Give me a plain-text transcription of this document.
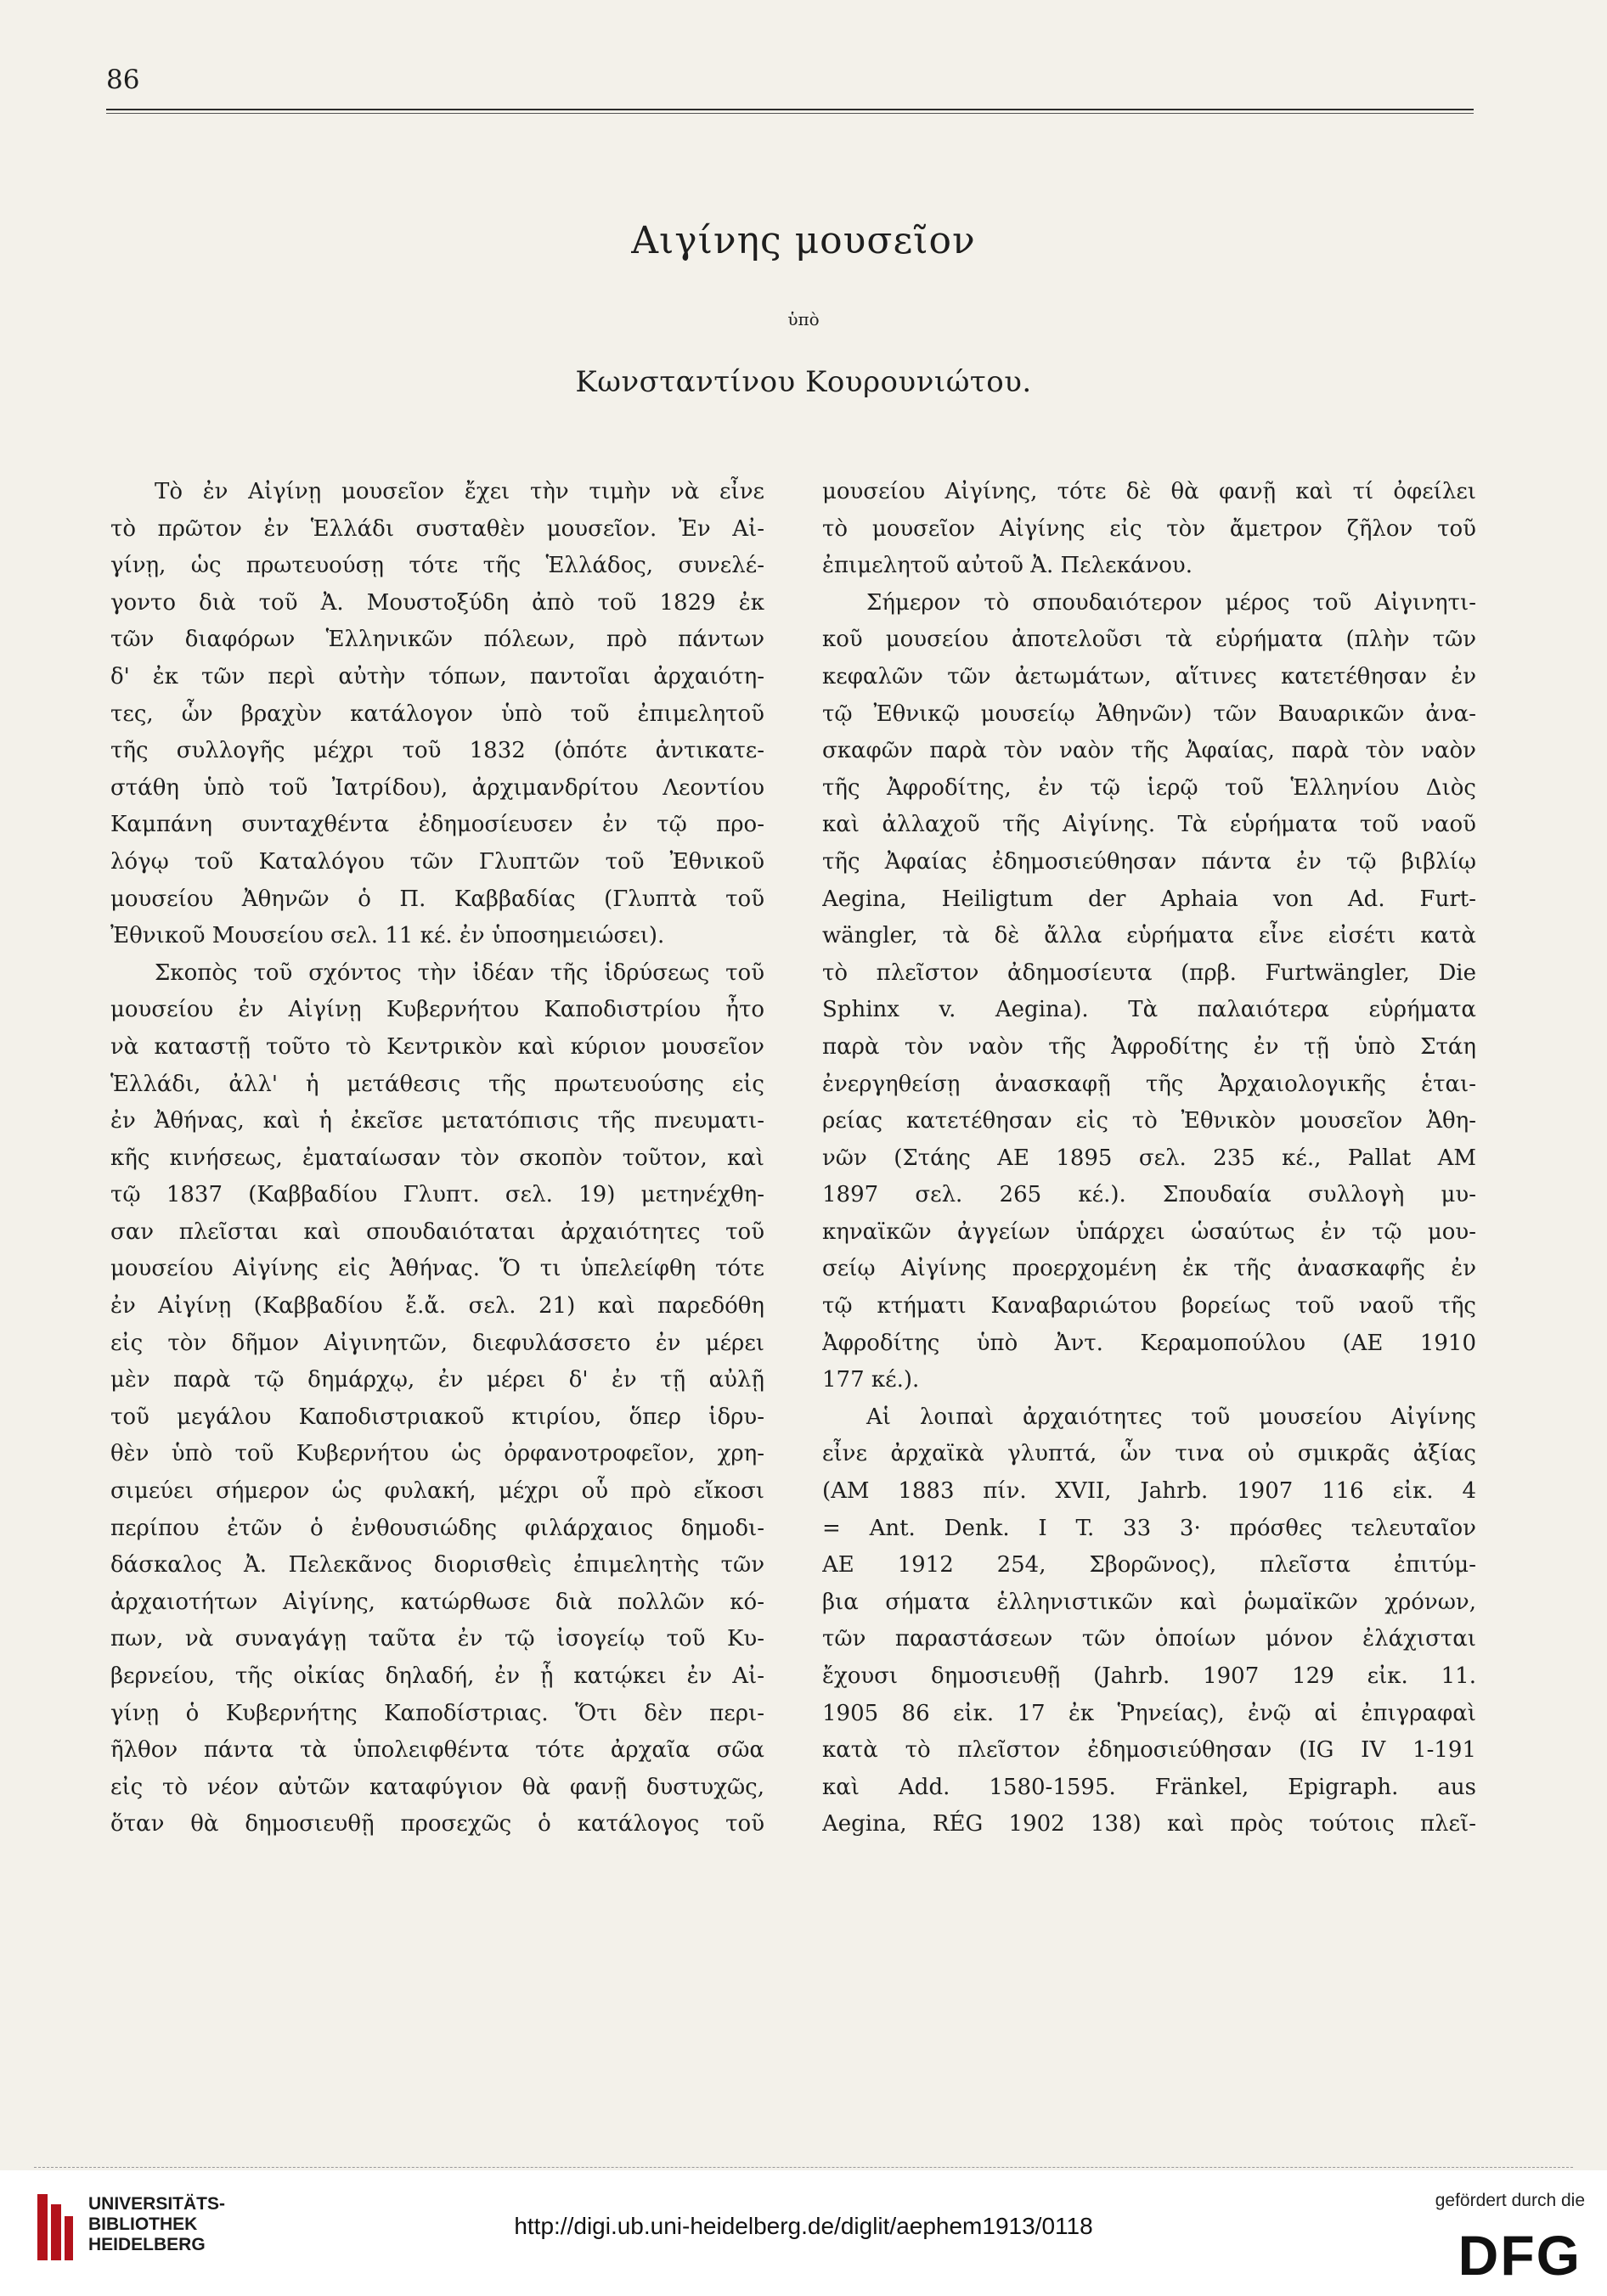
86
Αιγίνης μουσεῖον
ὑπὸ
Κωνσταντίνου Κουρουνιώτου.
Τὸ ἐν Αἰγίνῃ μουσεῖον ἔχει τὴν τιμὴν νὰ εἶνε
τὸ πρῶτον ἐν Ἑλλάδι συσταθὲν μουσεῖον. Ἐν Αἰ-
γίνῃ, ὡς πρωτευούσῃ τότε τῆς Ἑλλάδος, συνελέ-
γοντο διὰ τοῦ Ἀ. Μουστοξύδη ἀπὸ τοῦ 1829 ἐκ
τῶν διαφόρων Ἑλληνικῶν πόλεων, πρὸ πάντων
δ' ἐκ τῶν περὶ αὐτὴν τόπων, παντοῖαι ἀρχαιότη-
τες, ὧν βραχὺν κατάλογον ὑπὸ τοῦ ἐπιμελητοῦ
τῆς συλλογῆς μέχρι τοῦ 1832 (ὁπότε ἀντικατε-
στάθη ὑπὸ τοῦ Ἰατρίδου), ἀρχιμανδρίτου Λεοντίου
Καμπάνη συνταχθέντα ἐδημοσίευσεν ἐν τῷ προ-
λόγῳ τοῦ Καταλόγου τῶν Γλυπτῶν τοῦ Ἐθνικοῦ
μουσείου Ἀθηνῶν ὁ Π. Καββαδίας (Γλυπτὰ τοῦ
Ἐθνικοῦ Μουσείου σελ. 11 κέ. ἐν ὑποσημειώσει).
Σκοπὸς τοῦ σχόντος τὴν ἰδέαν τῆς ἱδρύσεως τοῦ
μουσείου ἐν Αἰγίνῃ Κυβερνήτου Καποδιστρίου ἦτο
νὰ καταστῇ τοῦτο τὸ Κεντρικὸν καὶ κύριον μουσεῖον
Ἑλλάδι, ἀλλ' ἡ μετάθεσις τῆς πρωτευούσης εἰς
ἐν Ἀθήνας, καὶ ἡ ἐκεῖσε μετατόπισις τῆς πνευματι-
κῆς κινήσεως, ἐματαίωσαν τὸν σκοπὸν τοῦτον, καὶ
τῷ 1837 (Καββαδίου Γλυπτ. σελ. 19) μετηνέχθη-
σαν πλεῖσται καὶ σπουδαιόταται ἀρχαιότητες τοῦ
μουσείου Αἰγίνης εἰς Ἀθήνας. Ὅ τι ὑπελείφθη τότε
ἐν Αἰγίνῃ (Καββαδίου ἔ.ἄ. σελ. 21) καὶ παρεδόθη
εἰς τὸν δῆμον Αἰγινητῶν, διεφυλάσσετο ἐν μέρει
μὲν παρὰ τῷ δημάρχῳ, ἐν μέρει δ' ἐν τῇ αὐλῇ
τοῦ μεγάλου Καποδιστριακοῦ κτιρίου, ὅπερ ἱδρυ-
θὲν ὑπὸ τοῦ Κυβερνήτου ὡς ὀρφανοτροφεῖον, χρη-
σιμεύει σήμερον ὡς φυλακή, μέχρι οὗ πρὸ εἴκοσι
περίπου ἐτῶν ὁ ἐνθουσιώδης φιλάρχαιος δημοδι-
δάσκαλος Ἀ. Πελεκᾶνος διορισθεὶς ἐπιμελητὴς τῶν
ἀρχαιοτήτων Αἰγίνης, κατώρθωσε διὰ πολλῶν κό-
πων, νὰ συναγάγῃ ταῦτα ἐν τῷ ἰσογείῳ τοῦ Κυ-
βερνείου, τῆς οἰκίας δηλαδή, ἐν ᾗ κατῴκει ἐν Αἰ-
γίνῃ ὁ Κυβερνήτης Καποδίστριας. Ὅτι δὲν περι-
ῆλθον πάντα τὰ ὑπολειφθέντα τότε ἀρχαῖα σῶα
εἰς τὸ νέον αὐτῶν καταφύγιον θὰ φανῇ δυστυχῶς,
ὅταν θὰ δημοσιευθῇ προσεχῶς ὁ κατάλογος τοῦ
μουσείου Αἰγίνης, τότε δὲ θὰ φανῇ καὶ τί ὀφείλει
τὸ μουσεῖον Αἰγίνης εἰς τὸν ἄμετρον ζῆλον τοῦ
ἐπιμελητοῦ αὐτοῦ Ἀ. Πελεκάνου.
Σήμερον τὸ σπουδαιότερον μέρος τοῦ Αἰγινητι-
κοῦ μουσείου ἀποτελοῦσι τὰ εὑρήματα (πλὴν τῶν
κεφαλῶν τῶν ἀετωμάτων, αἵτινες κατετέθησαν ἐν
τῷ Ἐθνικῷ μουσείῳ Ἀθηνῶν) τῶν Βαυαρικῶν ἀνα-
σκαφῶν παρὰ τὸν ναὸν τῆς Ἀφαίας, παρὰ τὸν ναὸν
τῆς Ἀφροδίτης, ἐν τῷ ἱερῷ τοῦ Ἑλληνίου Διὸς
καὶ ἀλλαχοῦ τῆς Αἰγίνης. Τὰ εὑρήματα τοῦ ναοῦ
τῆς Ἀφαίας ἐδημοσιεύθησαν πάντα ἐν τῷ βιβλίῳ
Aegina, Heiligtum der Aphaia von Ad. Furt-
wängler, τὰ δὲ ἄλλα εὑρήματα εἶνε εἰσέτι κατὰ
τὸ πλεῖστον ἀδημοσίευτα (πρβ. Furtwängler, Die
Sphinx v. Aegina). Τὰ παλαιότερα εὑρήματα
παρὰ τὸν ναὸν τῆς Ἀφροδίτης ἐν τῇ ὑπὸ Στάη
ἐνεργηθείσῃ ἀνασκαφῇ τῆς Ἀρχαιολογικῆς ἑται-
ρείας κατετέθησαν εἰς τὸ Ἐθνικὸν μουσεῖον Ἀθη-
νῶν (Στάης ΑΕ 1895 σελ. 235 κέ., Pallat AM
1897 σελ. 265 κέ.). Σπουδαία συλλογὴ μυ-
κηναϊκῶν ἀγγείων ὑπάρχει ὡσαύτως ἐν τῷ μου-
σείῳ Αἰγίνης προερχομένη ἐκ τῆς ἀνασκαφῆς ἐν
τῷ κτήματι Καναβαριώτου βορείως τοῦ ναοῦ τῆς
Ἀφροδίτης ὑπὸ Ἀντ. Κεραμοπούλου (ΑΕ 1910
177 κέ.).
Αἱ λοιπαὶ ἀρχαιότητες τοῦ μουσείου Αἰγίνης
εἶνε ἀρχαϊκὰ γλυπτά, ὧν τινα οὐ σμικρᾶς ἀξίας
(AM 1883 πίν. XVII, Jahrb. 1907 116 εἰκ. 4
= Ant. Denk. I T. 33 3· πρόσθες τελευταῖον
ΑΕ 1912 254, Σβορῶνος), πλεῖστα ἐπιτύμ-
βια σήματα ἑλληνιστικῶν καὶ ῥωμαϊκῶν χρόνων,
τῶν παραστάσεων τῶν ὁποίων μόνον ἐλάχισται
ἔχουσι δημοσιευθῇ (Jahrb. 1907 129 εἰκ. 11.
1905 86 εἰκ. 17 ἐκ Ῥηνείας), ἐνῷ αἱ ἐπιγραφαὶ
κατὰ τὸ πλεῖστον ἐδημοσιεύθησαν (IG IV 1-191
καὶ Add. 1580-1595. Fränkel, Epigraph. aus
Aegina, RÉG 1902 138) καὶ πρὸς τούτοις πλεῖ-
UNIVERSITÄTS-
BIBLIOTHEK
HEIDELBERG
http://digi.ub.uni-heidelberg.de/diglit/aephem1913/0118
gefördert durch die
DFG
